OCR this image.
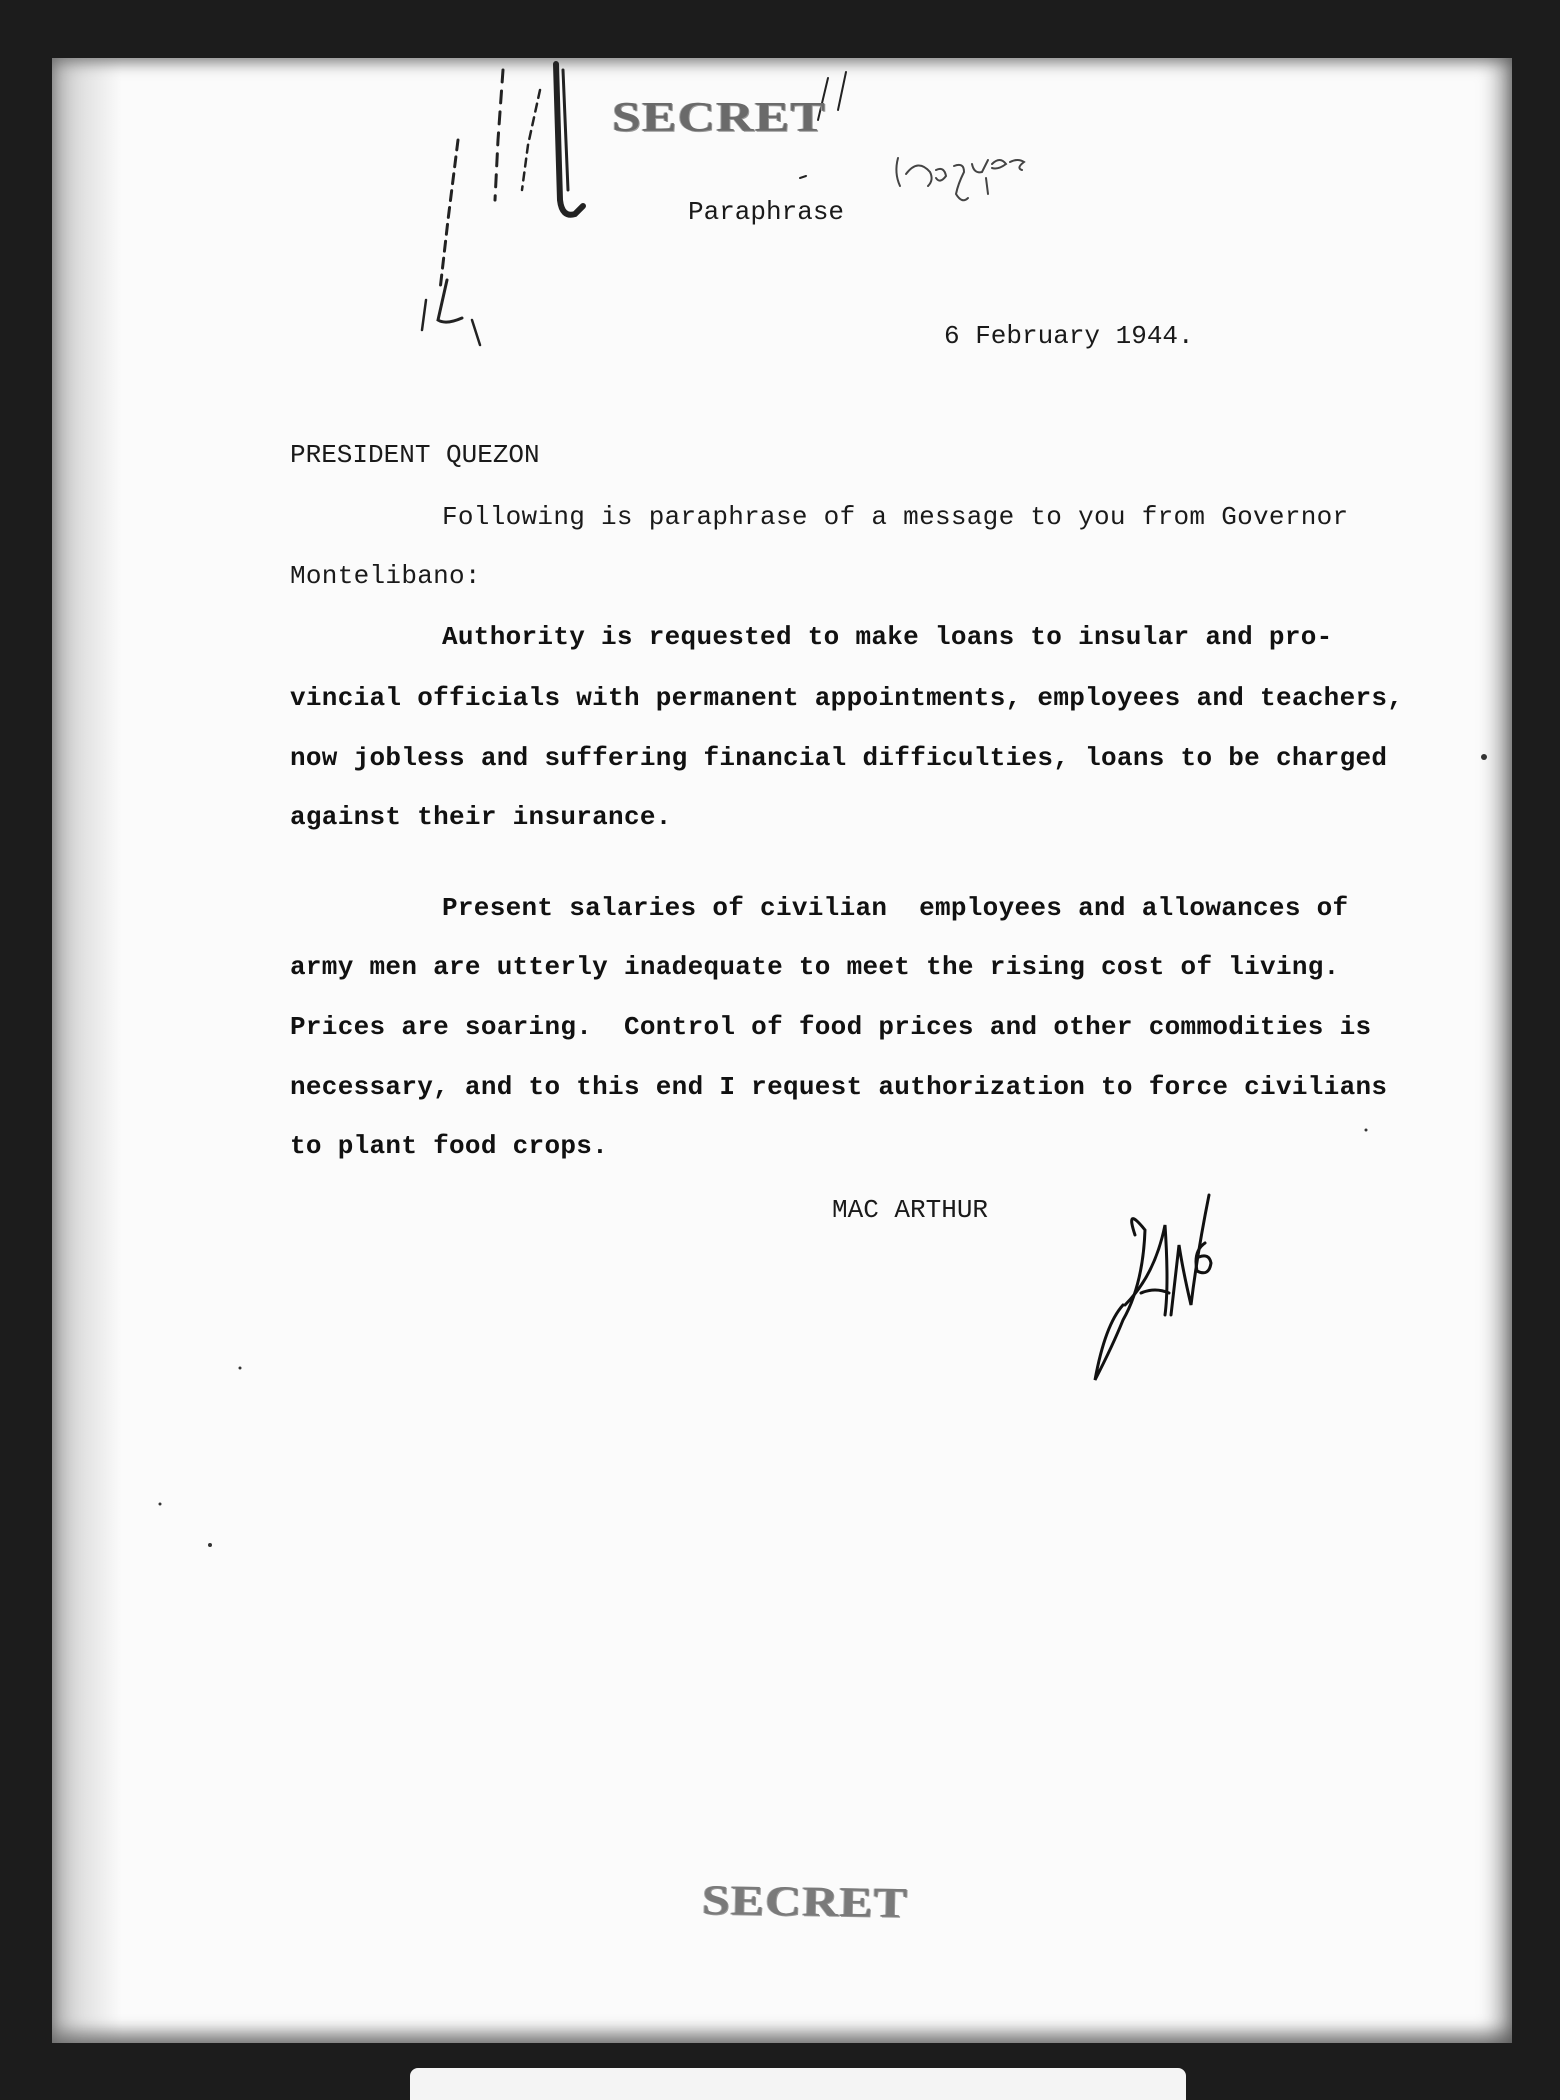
SECRET
Paraphrase
6 February 1944.
PRESIDENT QUEZON
Following is paraphrase of a message to you from Governor
Montelibano:
Authority is requested to make loans to insular and pro-
vincial officials with permanent appointments, employees and teachers,
now jobless and suffering financial difficulties, loans to be charged
against their insurance.
Present salaries of civilian  employees and allowances of
army men are utterly inadequate to meet the rising cost of living.
Prices are soaring.  Control of food prices and other commodities is
necessary, and to this end I request authorization to force civilians
to plant food crops.
MAC ARTHUR
SECRET
